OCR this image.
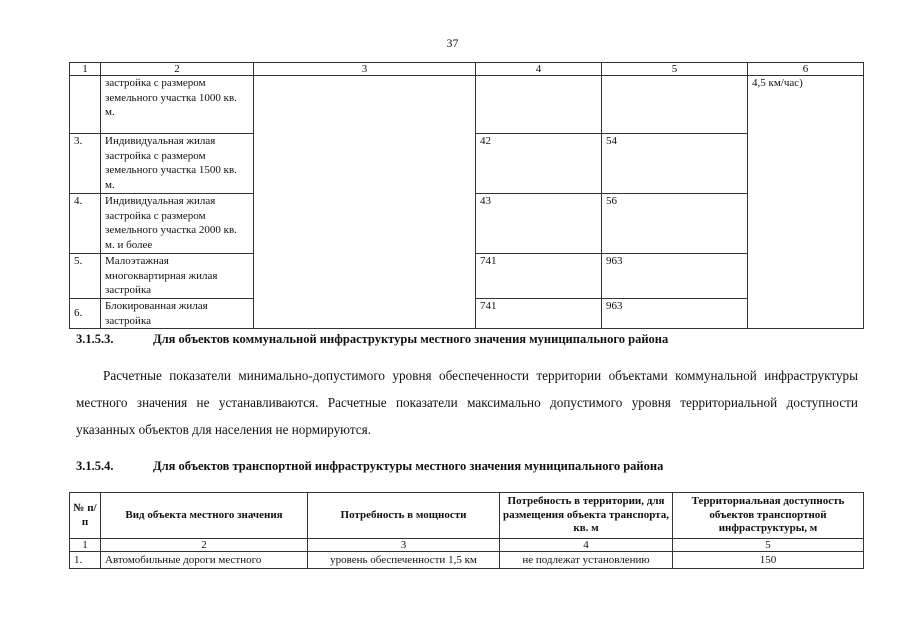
37
1	2	3	4	5	6
	застройка с размером земельного участка 1000 кв. м.				4,5 км/час)
3.	Индивидуальная жилая застройка с размером земельного участка 1500 кв. м.		42	54	
4.	Индивидуальная жилая застройка с размером земельного участка 2000 кв. м. и более		43	56	
5.	Малоэтажная многоквартирная жилая застройка		741	963	
6.	Блокированная жилая застройка		741	963	
3.1.5.3.	Для объектов коммунальной инфраструктуры местного значения муниципального района
Расчетные показатели минимально-допустимого уровня обеспеченности территории объектами коммунальной инфраструктуры местного значения не устанавливаются. Расчетные показатели максимально допустимого уровня территориальной доступности указанных объектов для населения не нормируются.
3.1.5.4.	Для объектов транспортной инфраструктуры местного значения муниципального района
№ п/п	Вид объекта местного значения	Потребность в мощности	Потребность в территории, для размещения объекта транспорта, кв. м	Территориальная доступность объектов транспортной инфраструктуры, м
1	2	3	4	5
1.	Автомобильные дороги местного	уровень обеспеченности 1,5 км	не подлежат установлению	150
